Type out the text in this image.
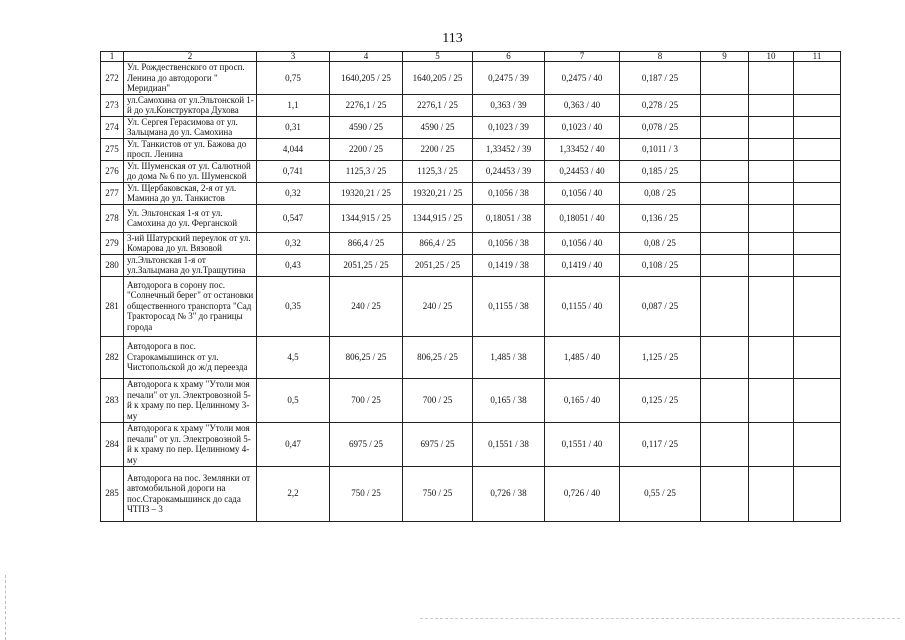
113
1	2	3	4	5	6	7	8	9	10	11
272	Ул. Рождественского от просп. Ленина до автодороги " Меридиан"	0,75	1640,205 / 25	1640,205 / 25	0,2475 / 39	0,2475 / 40	0,187 / 25			
273	ул.Самохина от ул.Эльтонской 1-й до ул.Конструктора Духова	1,1	2276,1 / 25	2276,1 / 25	0,363 / 39	0,363 / 40	0,278 / 25			
274	Ул. Сергея Герасимова от ул. Зальцмана до ул. Самохина	0,31	4590 / 25	4590 / 25	0,1023 / 39	0,1023 / 40	0,078 / 25			
275	Ул. Танкистов от ул. Бажова до просп. Ленина	4,044	2200 / 25	2200 / 25	1,33452 / 39	1,33452 / 40	0,1011 / 3			
276	Ул. Шуменская от ул. Салютной до дома № 6 по ул. Шуменской	0,741	1125,3 / 25	1125,3 / 25	0,24453 / 39	0,24453 / 40	0,185 / 25			
277	Ул. Щербаковская, 2-я от ул. Мамина до ул. Танкистов	0,32	19320,21 / 25	19320,21 / 25	0,1056 / 38	0,1056 / 40	0,08 / 25			
278	Ул. Эльтонская 1-я от ул. Самохина до ул. Ферганской	0,547	1344,915 / 25	1344,915 / 25	0,18051 / 38	0,18051 / 40	0,136 / 25			
279	3-ий Шатурский переулок от ул. Комарова до ул. Вязовой	0,32	866,4 / 25	866,4 / 25	0,1056 / 38	0,1056 / 40	0,08 / 25			
280	ул.Эльтонская 1-я от ул.Зальцмана до ул.Тращутина	0,43	2051,25 / 25	2051,25 / 25	0,1419 / 38	0,1419 / 40	0,108 / 25			
281	Автодорога в сорону пос. "Солнечный берег" от остановки общественного транспорта "Сад Тракторосад № 3" до границы города	0,35	240 / 25	240 / 25	0,1155 / 38	0,1155 / 40	0,087 / 25			
282	Автодорога в пос. Старокамышинск от ул. Чистопольской до ж/д переезда	4,5	806,25 / 25	806,25 / 25	1,485 / 38	1,485 / 40	1,125 / 25			
283	Автодорога к храму "Утоли моя печали" от ул. Электровозной 5-й к храму по пер. Целинному 3-му	0,5	700 / 25	700 / 25	0,165 / 38	0,165 / 40	0,125 / 25			
284	Автодорога к храму "Утоли моя печали" от ул. Электровозной 5-й к храму по пер. Целинному 4-му	0,47	6975 / 25	6975 / 25	0,1551 / 38	0,1551 / 40	0,117 / 25			
285	Автодорога на пос. Землянки от автомобильной дороги на пос.Старокамышинск до сада ЧТПЗ – 3	2,2	750 / 25	750 / 25	0,726 / 38	0,726 / 40	0,55 / 25			
